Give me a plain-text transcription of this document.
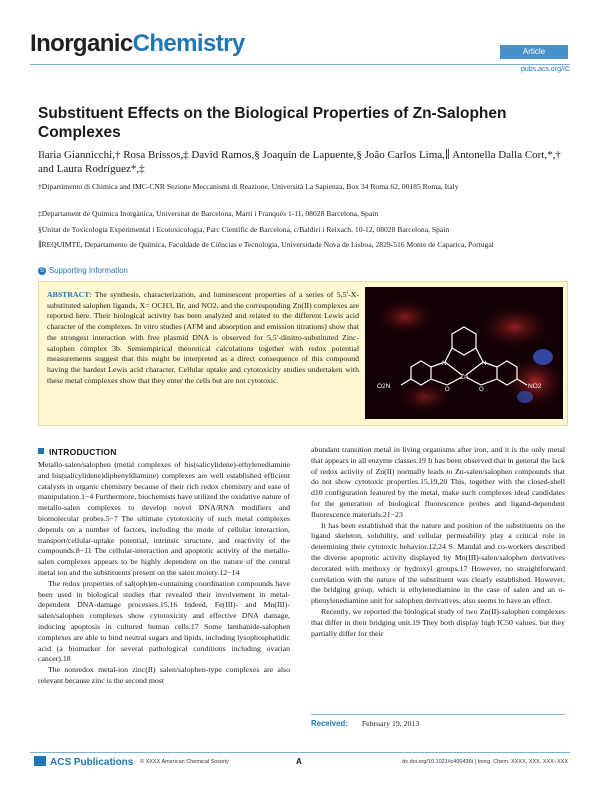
InorganicChemistry	Article
pubs.acs.org/IC
Substituent Effects on the Biological Properties of Zn-Salophen Complexes
Ilaria Giannicchi,† Rosa Brissos,‡ David Ramos,§ Joaquin de Lapuente,§ João Carlos Lima,∥ Antonella Dalla Cort,*,† and Laura Rodríguez*,‡
†Dipartimento di Chimica and IMC-CNR Sezione Meccanismi di Reazione, Università La Sapienza, Box 34 Roma 62, 00185 Roma, Italy
‡Departament de Química Inorgànica, Universitat de Barcelona, Martí i Franquès 1-11, 08028 Barcelona, Spain
§Unitat de Toxicologia Experimental i Ecotoxicologia, Parc Científic de Barcelona, c/Baldiri i Reixach, 10-12, 08028 Barcelona, Spain
∥REQUIMTE, Departamento de Química, Faculdade de Ciências e Tecnologia, Universidade Nova de Lisboa, 2829-516 Monte de Caparica, Portugal
S Supporting Information
ABSTRACT: The synthesis, characterization, and luminescent properties of a series of 5,5′-X-substituted salophen ligands, X= OCH3, Br, and NO2, and the corresponding Zn(II) complexes are reported here. Their biological activity has been analyzed and related to the different Lewis acid character of the complexes. In vitro studies (AFM and absorption and emission titrations) show that the strongest interaction with free plasmid DNA is observed for 5,5′-dinitro-substituted Zinc-salophen complex 3b. Semiempirical theoretical calculations together with redox potential measurements suggest that this might be interpreted as a direct consequence of this compound having the hardest Lewis acid character. Cellular uptake and cytotoxicity studies undertaken with these metal complexes show that they enter the cells but are not cytotoxic.	Zn
N	N
O	O
O2N	NO2
INTRODUCTION

Metallo-salen/salophen (metal complexes of bis(salicylidene)-ethylenediamine and bis(salicylidene)diphenyldiamine) complexes are well established efficient catalysts in organic chemistry because of their rich redox chemistry and ease of manipulation.1−4 Furthermore, biochemists have utilized the oxidative nature of metallo-salen complexes to develop novel DNA/RNA modifiers and biomolecular probes.5−7 The ultimate cytotoxicity of such metal complexes depends on a number of factors, including the mode of cellular interaction, transport/cellular-uptake potential, intrinsic structure, and reactivity of the compounds.8−11 The cellular-interaction and apoptotic activity of the metallo-salen complexes appears to be highly dependent on the nature of the central metal ion and the substituents present on the salen moiety.12−14

The redox properties of sal(oph)en-containing coordination compounds have been used in biological studies that revealed their involvement in metal-dependent DNA-damage processes.15,16 Indeed, Fe(III)- and Mn(III)-salen/salophen complexes show cytotoxicity and effective DNA damage, inducing apoptosis in cultured human cells.17 Some lanthanide-salophen complexes are able to bind neutral sugars and lipids, including lysophosphatidic acid (a biomarker for several pathological conditions including ovarian cancer).18

The nonredox metal-ion zinc(II) salen/salophen-type complexes are also relevant because zinc is the second most

abundant transition metal in living organisms after iron, and it is the only metal that appears in all enzyme classes.19 It has been observed that in general the lack of redox activity of Zn(II) normally leads to Zn-salen/salophen compounds that do not show cytotoxic properties.15,19,20 This, together with the closed-shell d10 configuration featured by the metal, make such complexes ideal candidates for the generation of biological fluorescence probes and ligand-dependent fluorescence materials.21−23

It has been established that the nature and position of the substituents on the ligand skeleton, solubility, and cellular permeability play a critical role in determining their cytotoxic behavior.12,24 S. Mandal and co-workers described the diverse apoptotic activity displayed by Mn(III)-salen/salophen derivatives decorated with methoxy or hydroxyl groups.17 However, no straightforward correlation with the nature of the substituent was clearly established. However, the bridging group, which is ethylenediamine in the case of salen and an o-phenylenediamine unit for salophen derivatives, also seems to have an effect.

Recently, we reported the biological study of two Zn(II)-salophen complexes that differ in their bridging unit.19 They both display high IC50 values, but they partially differ for their

Received: February 19, 2013
ACS Publications © XXXX American Chemical Society	A	dx.doi.org/10.1021/ic400436t | Inorg. Chem. XXXX, XXX, XXX−XXX
